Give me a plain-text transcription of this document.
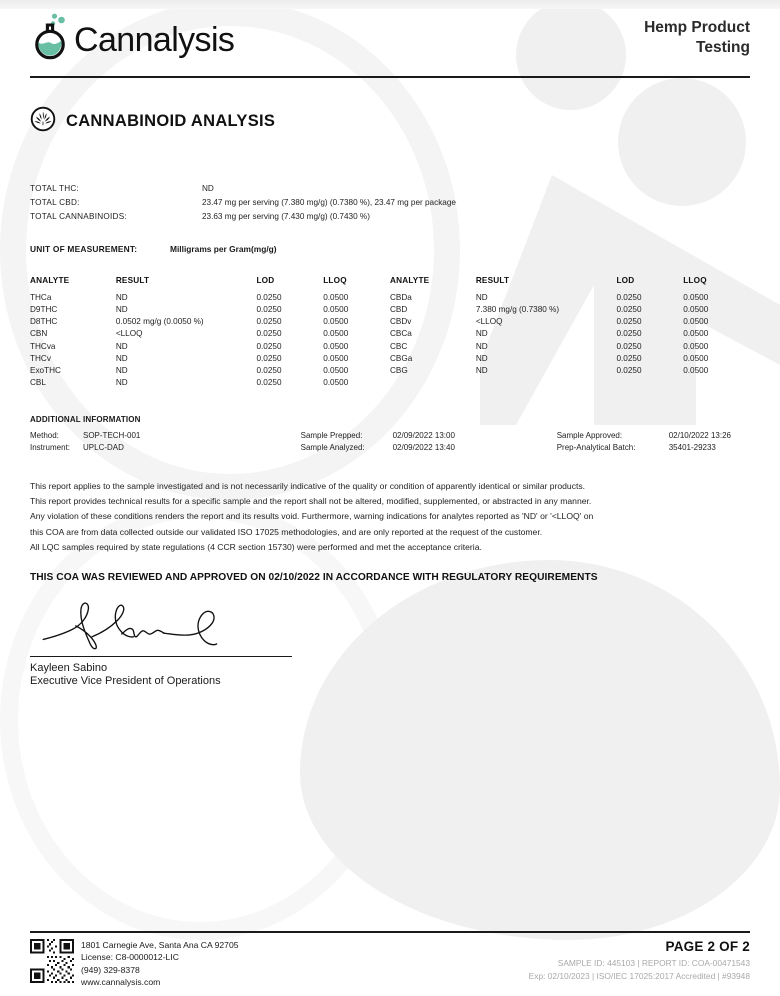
Cannalysis	Hemp Product
Testing
CANNABINOID ANALYSIS
TOTAL THC:	ND
TOTAL CBD:	23.47 mg per serving (7.380 mg/g) (0.7380 %), 23.47 mg per package
TOTAL CANNABINOIDS:	23.63 mg per serving (7.430 mg/g) (0.7430 %)
UNIT OF MEASUREMENT:	Milligrams per Gram(mg/g)
ANALYTE	RESULT	LOD	LLOQ
THCa	ND	0.0250	0.0500
D9THC	ND	0.0250	0.0500
D8THC	0.0502 mg/g (0.0050 %)	0.0250	0.0500
CBN	<LLOQ	0.0250	0.0500
THCva	ND	0.0250	0.0500
THCv	ND	0.0250	0.0500
ExoTHC	ND	0.0250	0.0500
CBL	ND	0.0250	0.0500
ANALYTE	RESULT	LOD	LLOQ
CBDa	ND	0.0250	0.0500
CBD	7.380 mg/g (0.7380 %)	0.0250	0.0500
CBDv	<LLOQ	0.0250	0.0500
CBCa	ND	0.0250	0.0500
CBC	ND	0.0250	0.0500
CBGa	ND	0.0250	0.0500
CBG	ND	0.0250	0.0500
ADDITIONAL INFORMATION
Method:	SOP-TECH-001
Instrument:	UPLC-DAD
Sample Prepped:	02/09/2022 13:00
Sample Analyzed:	02/09/2022 13:40
Sample Approved:	02/10/2022 13:26
Prep-Analytical Batch:	35401-29233
This report applies to the sample investigated and is not necessarily indicative of the quality or condition of apparently identical or similar products.
This report provides technical results for a specific sample and the report shall not be altered, modified, supplemented, or abstracted in any manner.
Any violation of these conditions renders the report and its results void. Furthermore, warning indications for analytes reported as 'ND' or '<LLOQ' on
this COA are from data collected outside our validated ISO 17025 methodologies, and are only reported at the request of the customer.
All LQC samples required by state regulations (4 CCR section 15730) were performed and met the acceptance criteria.
THIS COA WAS REVIEWED AND APPROVED ON 02/10/2022 IN ACCORDANCE WITH REGULATORY REQUIREMENTS
Kayleen Sabino
Executive Vice President of Operations
1801 Carnegie Ave, Santa Ana CA 92705
License: C8-0000012-LIC
(949) 329-8378
www.cannalysis.com
PAGE 2 OF 2
SAMPLE ID: 445103 | REPORT ID: COA-00471543
Exp: 02/10/2023 | ISO/IEC 17025:2017 Accredited | #93948
